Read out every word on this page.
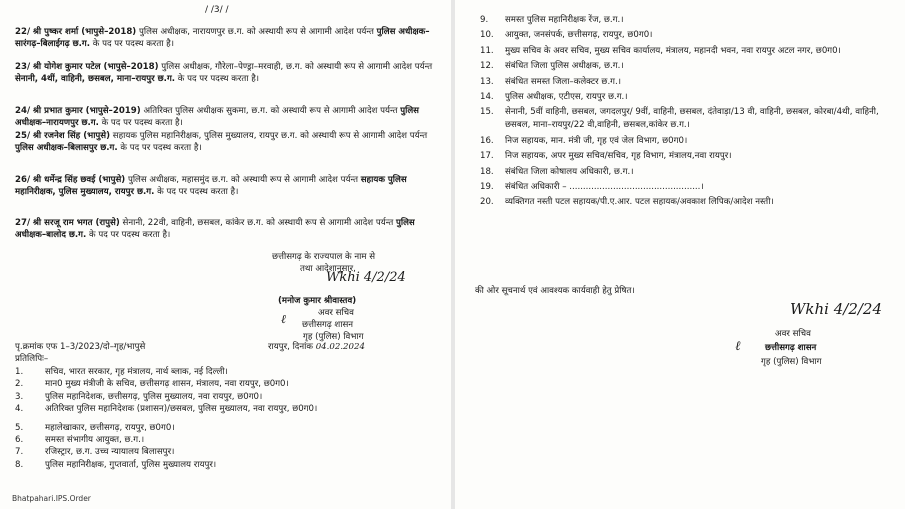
/ /3/ /

22/ श्री पुष्कर शर्मा (भापुसे–2018) पुलिस अधीक्षक, नारायणपुर छ.ग. को अस्थायी रूप से आगामी आदेश पर्यन्त पुलिस अधीक्षक–सारंगढ़–बिलाईगढ़ छ.ग. के पद पर पदस्थ करता है।

23/ श्री योगेश कुमार पटेल (भापुसे–2018) पुलिस अधीक्षक, गौरेला–पेण्ड्रा–मरवाही, छ.ग. को अस्थायी रूप से आगामी आदेश पर्यन्त सेनानी, 4थीं, वाहिनी, छसबल, माना–रायपुर छ.ग. के पद पर पदस्थ करता है।

24/ श्री प्रभात कुमार (भापुसे–2019) अतिरिक्त पुलिस अधीक्षक सुकमा, छ.ग. को अस्थायी रूप से आगामी आदेश पर्यन्त पुलिस अधीक्षक–नारायणपुर छ.ग. के पद पर पदस्थ करता है।

25/ श्री रजनेश सिंह (भापुसे) सहायक पुलिस महानिरीक्षक, पुलिस मुख्यालय, रायपुर छ.ग. को अस्थायी रूप से आगामी आदेश पर्यन्त पुलिस अधीक्षक–बिलासपुर छ.ग. के पद पर पदस्थ करता है।

26/ श्री धर्मेन्द्र सिंह छवई (भापुसे) पुलिस अधीक्षक, महासमुंद छ.ग. को अस्थायी रूप से आगामी आदेश पर्यन्त सहायक पुलिस महानिरीक्षक, पुलिस मुख्यालय, रायपुर छ.ग. के पद पर पदस्थ करता है।

27/ श्री सरजू राम भगत (रापुसे) सेनानी, 22वी, वाहिनी, छसबल, कांकेर छ.ग. को अस्थायी रूप से आगामी आदेश पर्यन्त पुलिस अधीक्षक–बालोद छ.ग. के पद पर पदस्थ करता है।

छत्तीसगढ़ के राज्यपाल के नाम से
तथा आदेशानुसार,
Wkhi 4/2/24
(मनोज कुमार श्रीवास्तव)
अवर सचिव
छत्तीसगढ़ शासन
गृह (पुलिस) विभाग
ℓ
पृ.क्रमांक एफ 1–3/2023/दो–गृह/भापुसे	रायपुर, दिनांक 04.02.2024
प्रतिलिपिः–
1.	सचिव, भारत सरकार, गृह मंत्रालय, नार्थ ब्लाक, नई दिल्ली।
2.	मान0 मुख्य मंत्रीजी के सचिव, छत्तीसगढ़ शासन, मंत्रालय, नवा रायपुर, छ0ग0।
3.	पुलिस महानिदेशक, छत्तीसगढ़, पुलिस मुख्यालय, नवा रायपुर, छ0ग0।
4.	अतिरिक्त पुलिस महानिदेशक (प्रशासन)/छसबल, पुलिस मुख्यालय, नवा रायपुर, छ0ग0।
5.	महालेखाकार, छत्तीसगढ़, रायपुर, छ0ग0।
6.	समस्त संभागीय आयुक्त, छ.ग.।
7.	रजिस्ट्रार, छ.ग. उच्च न्यायालय बिलासपुर।
8.	पुलिस महानिरीक्षक, गुप्तवार्ता, पुलिस मुख्यालय रायपुर।
Bhatpahari.IPS.Order
9.	समस्त पुलिस महानिरीक्षक रेंज, छ.ग.।
10.	आयुक्त, जनसंपर्क, छत्तीसगढ़, रायपुर, छ0ग0।
11.	मुख्य सचिव के अवर सचिव, मुख्य सचिव कार्यालय, मंत्रालय, महानदी भवन, नवा रायपुर अटल नगर, छ0ग0।
12.	संबंधित जिला पुलिस अधीक्षक, छ.ग.।
13.	संबंधित समस्त जिला–कलेक्टर छ.ग.।
14.	पुलिस अधीक्षक, एटीएस, रायपुर छ.ग.।
15.	सेनानी, 5वीं वाहिनी, छसबल, जगदलपुर/ 9वीं, वाहिनी, छसबल, दंतेवाड़ा/13 वी, वाहिनी, छसबल, कोरबा/4थी, वाहिनी, छसबल, माना–रायपुर/22 वी,वाहिनी, छसबल,कांकेर छ.ग.।
16.	निज सहायक, मान. मंत्री जी, गृह एवं जेल विभाग, छ0ग0।
17.	निज सहायक, अपर मुख्य सचिव/सचिव, गृह विभाग, मंत्रालय,नवा रायपुर।
18.	संबंधित जिला कोषालय अधिकारी, छ.ग.।
19.	संबंधित अधिकारी – ................................................।
20.	व्यक्तिगत नस्ती पटल सहायक/पी.ए.आर. पटल सहायक/अवकाश लिपिक/आदेश नस्ती।
की ओर सूचनार्थ एवं आवश्यक कार्यवाही हेतु प्रेषित।
Wkhi 4/2/24
अवर सचिव
छत्तीसगढ़ शासन
गृह (पुलिस) विभाग
ℓ
